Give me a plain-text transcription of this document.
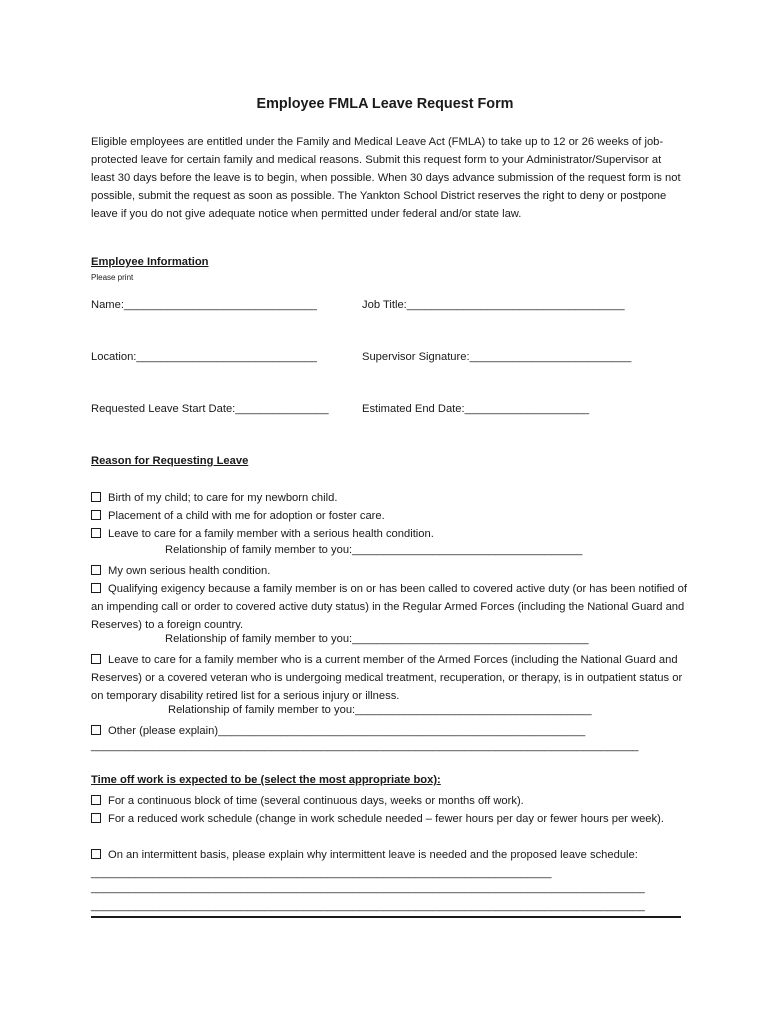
Employee FMLA Leave Request Form

Eligible employees are entitled under the Family and Medical Leave Act (FMLA) to take up to 12 or 26 weeks of job-protected leave for certain family and medical reasons. Submit this request form to your Administrator/Supervisor at least 30 days before the leave is to begin, when possible. When 30 days advance submission of the request form is not possible, submit the request as soon as possible. The Yankton School District reserves the right to deny or postpone leave if you do not give adequate notice when permitted under federal and/or state law.

Employee Information
Please print
Name:_______________________________	Job Title:___________________________________
Location:_____________________________	Supervisor Signature:__________________________
Requested Leave Start Date:_______________	Estimated End Date:____________________
Reason for Requesting Leave

Birth of my child; to care for my newborn child.

Placement of a child with me for adoption or foster care.

Leave to care for a family member with a serious health condition.

Relationship of family member to you:_____________________________________

My own serious health condition.

Qualifying exigency because a family member is on or has been called to covered active duty (or has been notified of an impending call or order to covered active duty status) in the Regular Armed Forces (including the National Guard and Reserves) to a foreign country.

Relationship of family member to you:______________________________________

Leave to care for a family member who is a current member of the Armed Forces (including the National Guard and Reserves) or a covered veteran who is undergoing medical treatment, recuperation, or therapy, is in outpatient status or on temporary disability retired list for a serious injury or illness.

Relationship of family member to you:______________________________________

Other (please explain)___________________________________________________________

________________________________________________________________________________________
Time off work is expected to be (select the most appropriate box):

For a continuous block of time (several continuous days, weeks or months off work).

For a reduced work schedule (change in work schedule needed – fewer hours per day or fewer hours per week).

On an intermittent basis, please explain why intermittent leave is needed and the proposed leave schedule: __________________________________________________________________________

_________________________________________________________________________________________
_________________________________________________________________________________________
